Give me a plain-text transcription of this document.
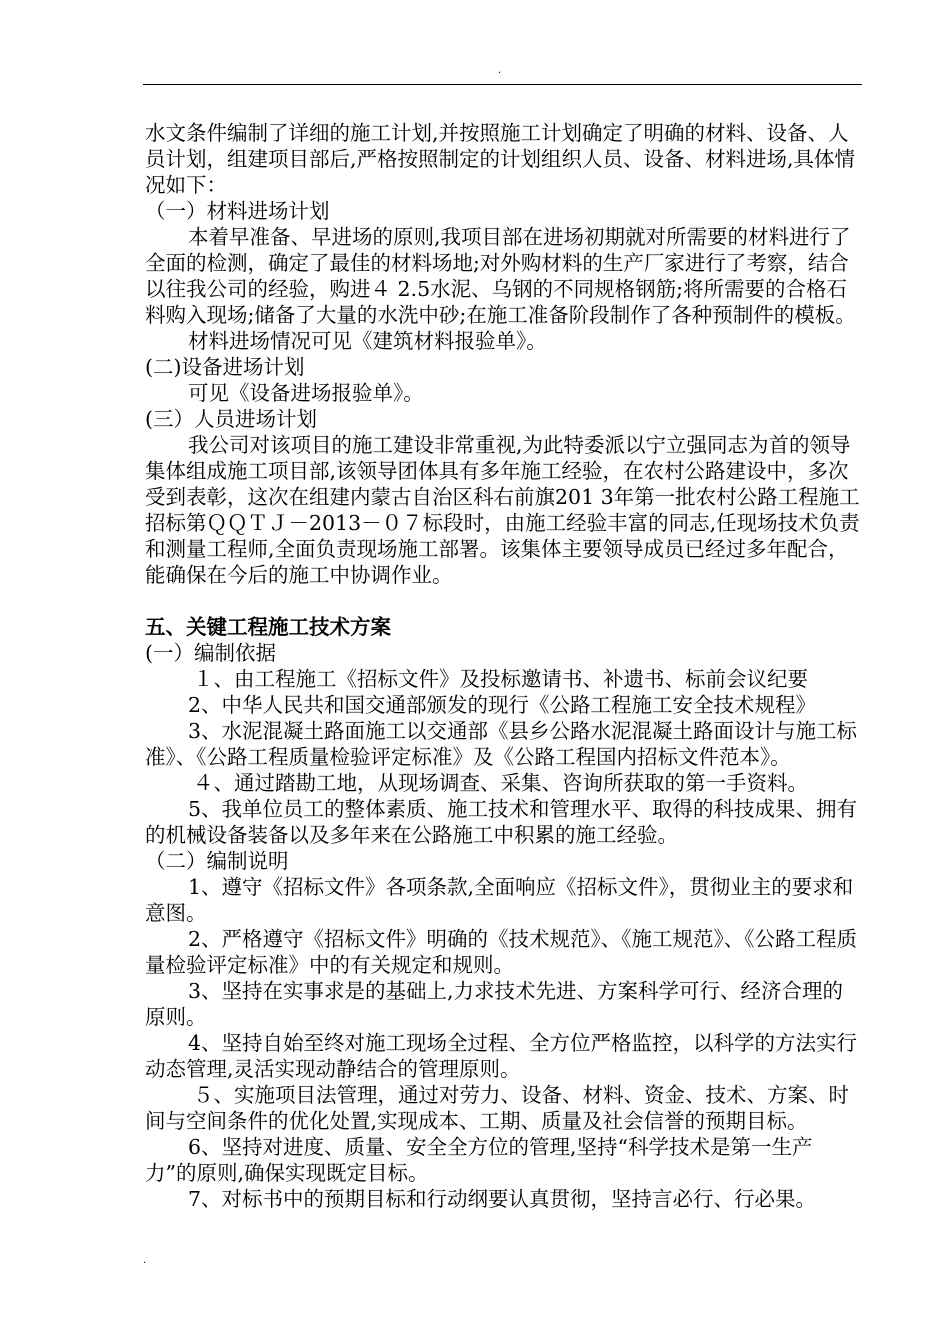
.

水文条件编制了详细的施工计划,并按照施工计划确定了明确的材料、设备、人员计划，组建项目部后,严格按照制定的计划组织人员、设备、材料进场,具体情况如下：

（一）材料进场计划

本着早准备、早进场的原则,我项目部在进场初期就对所需要的材料进行了全面的检测，确定了最佳的材料场地;对外购材料的生产厂家进行了考察，结合以往我公司的经验，购进４ 2.5水泥、乌钢的不同规格钢筋;将所需要的合格石料购入现场;储备了大量的水洗中砂;在施工准备阶段制作了各种预制件的模板。

材料进场情况可见《建筑材料报验单》。

(二)设备进场计划

可见《设备进场报验单》。

(三）人员进场计划

我公司对该项目的施工建设非常重视,为此特委派以宁立强同志为首的领导集体组成施工项目部,该领导团体具有多年施工经验，在农村公路建设中，多次受到表彰，这次在组建内蒙古自治区科右前旗201 3年第一批农村公路工程施工招标第ＱＱＴＪ－2013－０７标段时，由施工经验丰富的同志,任现场技术负责和测量工程师,全面负责现场施工部署。该集体主要领导成员已经过多年配合，能确保在今后的施工中协调作业。

五、关键工程施工技术方案

(一）编制依据

１、由工程施工《招标文件》及投标邀请书、补遗书、标前会议纪要

2、中华人民共和国交通部颁发的现行《公路工程施工安全技术规程》

3、水泥混凝土路面施工以交通部《县乡公路水泥混凝土路面设计与施工标准》、《公路工程质量检验评定标准》及《公路工程国内招标文件范本》。

４、通过踏勘工地，从现场调查、采集、咨询所获取的第一手资料。

5、我单位员工的整体素质、施工技术和管理水平、取得的科技成果、拥有的机械设备装备以及多年来在公路施工中积累的施工经验。

（二）编制说明

1、遵守《招标文件》各项条款,全面响应《招标文件》，贯彻业主的要求和意图。

2、严格遵守《招标文件》明确的《技术规范》、《施工规范》、《公路工程质量检验评定标准》中的有关规定和规则。

3、坚持在实事求是的基础上,力求技术先进、方案科学可行、经济合理的原则。

4、坚持自始至终对施工现场全过程、全方位严格监控，以科学的方法实行动态管理,灵活实现动静结合的管理原则。

５、实施项目法管理，通过对劳力、设备、材料、资金、技术、方案、时间与空间条件的优化处置,实现成本、工期、质量及社会信誉的预期目标。

6、坚持对进度、质量、安全全方位的管理,坚持“科学技术是第一生产力”的原则,确保实现既定目标。

7、对标书中的预期目标和行动纲要认真贯彻，坚持言必行、行必果。

.
